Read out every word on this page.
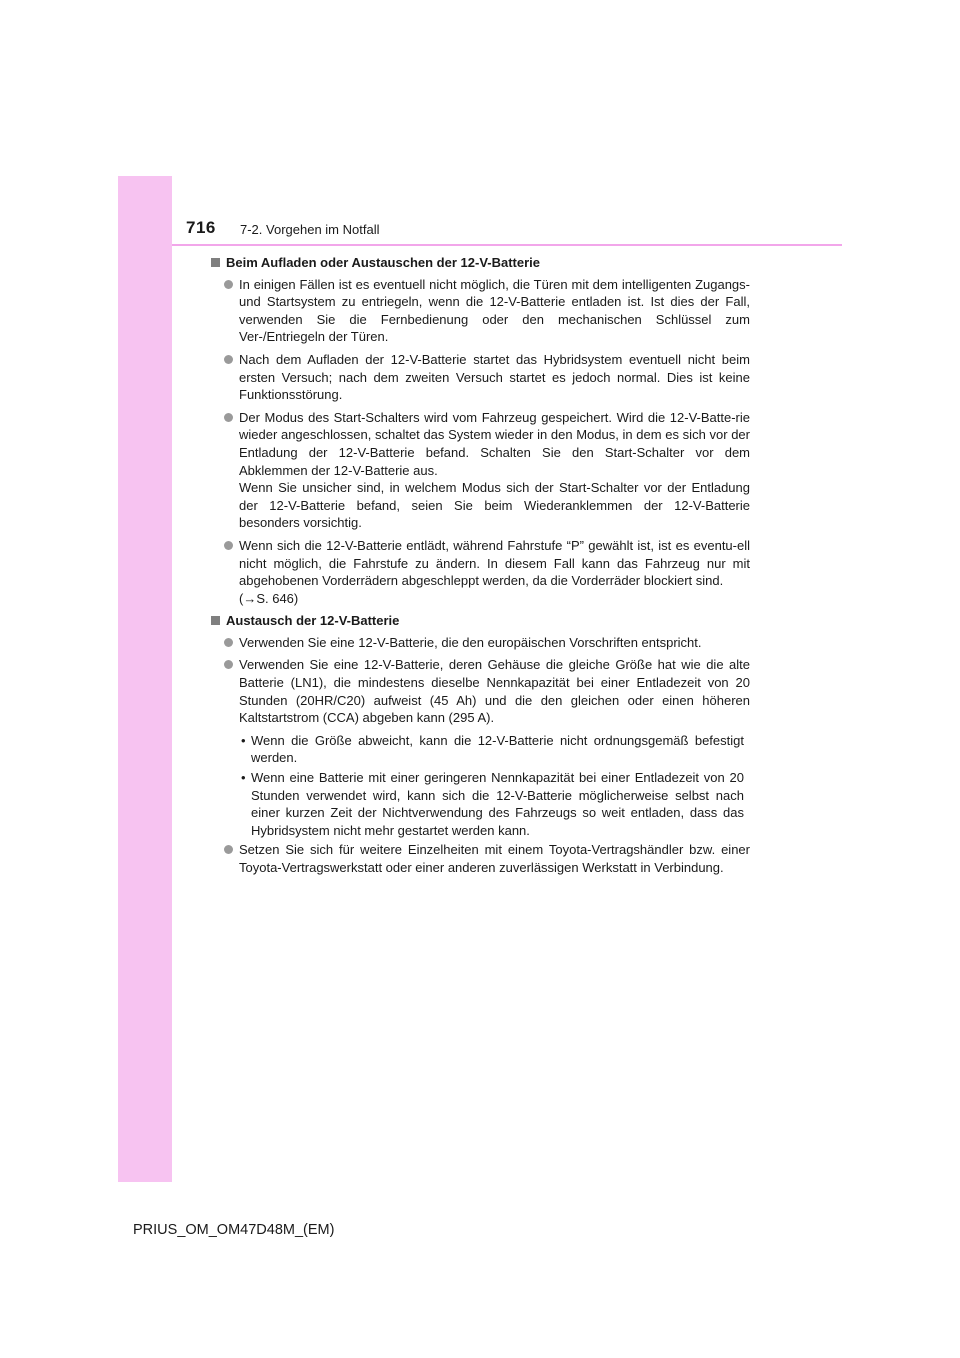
716 7-2. Vorgehen im Notfall
Beim Aufladen oder Austauschen der 12-V-Batterie

In einigen Fällen ist es eventuell nicht möglich, die Türen mit dem intelligenten Zugangs- und Startsystem zu entriegeln, wenn die 12-V-Batterie entladen ist. Ist dies der Fall, verwenden Sie die Fernbedienung oder den mechanischen Schlüssel zum Ver-/Entriegeln der Türen.

Nach dem Aufladen der 12-V-Batterie startet das Hybridsystem eventuell nicht beim ersten Versuch; nach dem zweiten Versuch startet es jedoch normal. Dies ist keine Funktionsstörung.

Der Modus des Start-Schalters wird vom Fahrzeug gespeichert. Wird die 12-V-Batte-rie wieder angeschlossen, schaltet das System wieder in den Modus, in dem es sich vor der Entladung der 12-V-Batterie befand. Schalten Sie den Start-Schalter vor dem Abklemmen der 12-V-Batterie aus.

Wenn Sie unsicher sind, in welchem Modus sich der Start-Schalter vor der Entladung der 12-V-Batterie befand, seien Sie beim Wiederanklemmen der 12-V-Batterie besonders vorsichtig.

Wenn sich die 12-V-Batterie entlädt, während Fahrstufe “P” gewählt ist, ist es eventu-ell nicht möglich, die Fahrstufe zu ändern. In diesem Fall kann das Fahrzeug nur mit abgehobenen Vorderrädern abgeschleppt werden, da die Vorderräder blockiert sind.

(→S. 646)

Austausch der 12-V-Batterie

Verwenden Sie eine 12-V-Batterie, die den europäischen Vorschriften entspricht.

Verwenden Sie eine 12-V-Batterie, deren Gehäuse die gleiche Größe hat wie die alte Batterie (LN1), die mindestens dieselbe Nennkapazität bei einer Entladezeit von 20 Stunden (20HR/C20) aufweist (45 Ah) und die den gleichen oder einen höheren Kaltstartstrom (CCA) abgeben kann (295 A).

• Wenn die Größe abweicht, kann die 12-V-Batterie nicht ordnungsgemäß befestigt werden.
• Wenn eine Batterie mit einer geringeren Nennkapazität bei einer Entladezeit von 20 Stunden verwendet wird, kann sich die 12-V-Batterie möglicherweise selbst nach einer kurzen Zeit der Nichtverwendung des Fahrzeugs so weit entladen, dass das Hybridsystem nicht mehr gestartet werden kann.

Setzen Sie sich für weitere Einzelheiten mit einem Toyota-Vertragshändler bzw. einer Toyota-Vertragswerkstatt oder einer anderen zuverlässigen Werkstatt in Verbindung.

PRIUS_OM_OM47D48M_(EM)
